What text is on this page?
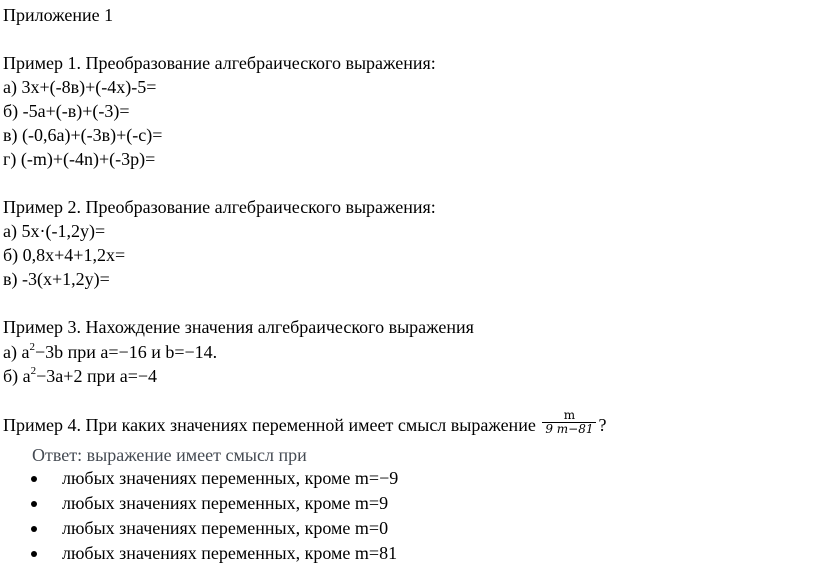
Приложение 1
Пример 1. Преобразование алгебраического выражения:
а) 3x+(-8в)+(-4x)-5=
б) -5a+(-в)+(-3)=
в) (-0,6a)+(-3в)+(-c)=
г) (-m)+(-4n)+(-3p)=
Пример 2. Преобразование алгебраического выражения:
а) 5x·(-1,2y)=
б) 0,8x+4+1,2x=
в) -3(x+1,2y)=
Пример 3. Нахождение значения алгебраического выражения
а) $a^2-3b$ при a=−16 и b=−14.
б) $a^2-3a+2$ при a=−4
Пример 4. При каких значениях переменной имеет смысл выражение $\frac{m}{9 m-81}$ ?
Ответ: выражение имеет смысл при
любых значениях переменных, кроме m=−9
любых значениях переменных, кроме m=9
любых значениях переменных, кроме m=0
любых значениях переменных, кроме m=81
